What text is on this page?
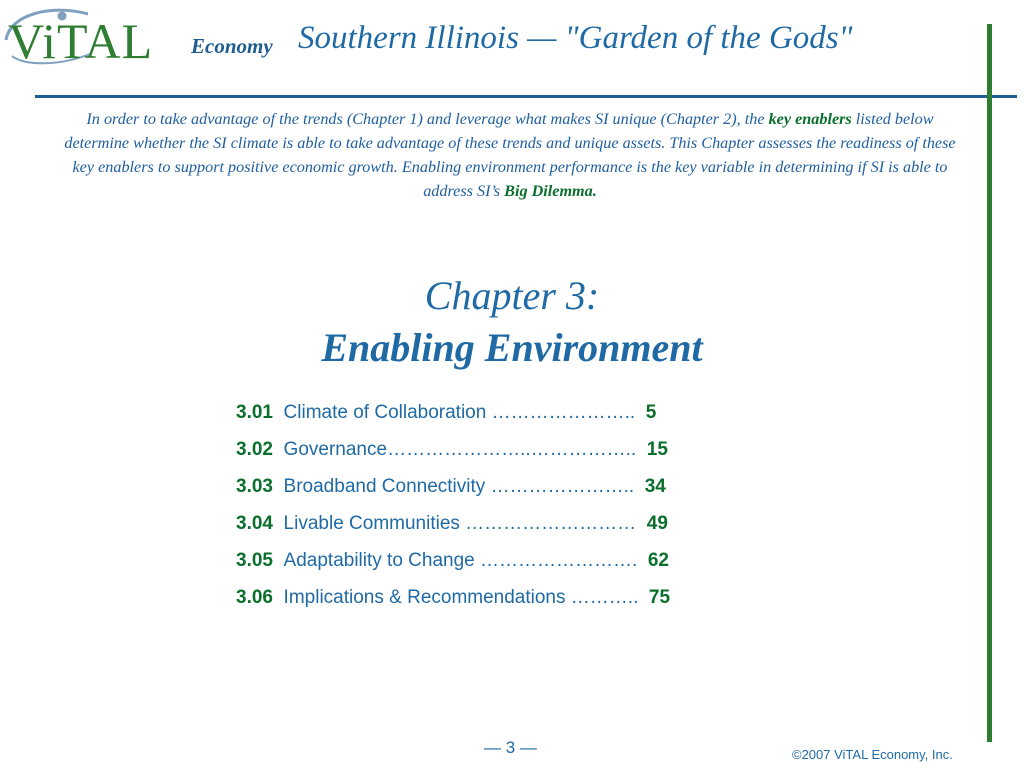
ViTAL Economy Southern Illinois — "Garden of the Gods"
In order to take advantage of the trends (Chapter 1) and leverage what makes SI unique (Chapter 2), the key enablers listed below determine whether the SI climate is able to take advantage of these trends and unique assets. This Chapter assesses the readiness of these key enablers to support positive economic growth. Enabling environment performance is the key variable in determining if SI is able to address SI’s Big Dilemma.
Chapter 3:
Enabling Environment
3.01 Climate of Collaboration ………………….. 5
3.02 Governance…………………..…………….. 15
3.03 Broadband Connectivity ………………….. 34
3.04 Livable Communities ……………………… 49
3.05 Adaptability to Change ……………………. 62
3.06 Implications & Recommendations ……….. 75
— 3 —	©2007 ViTAL Economy, Inc.
